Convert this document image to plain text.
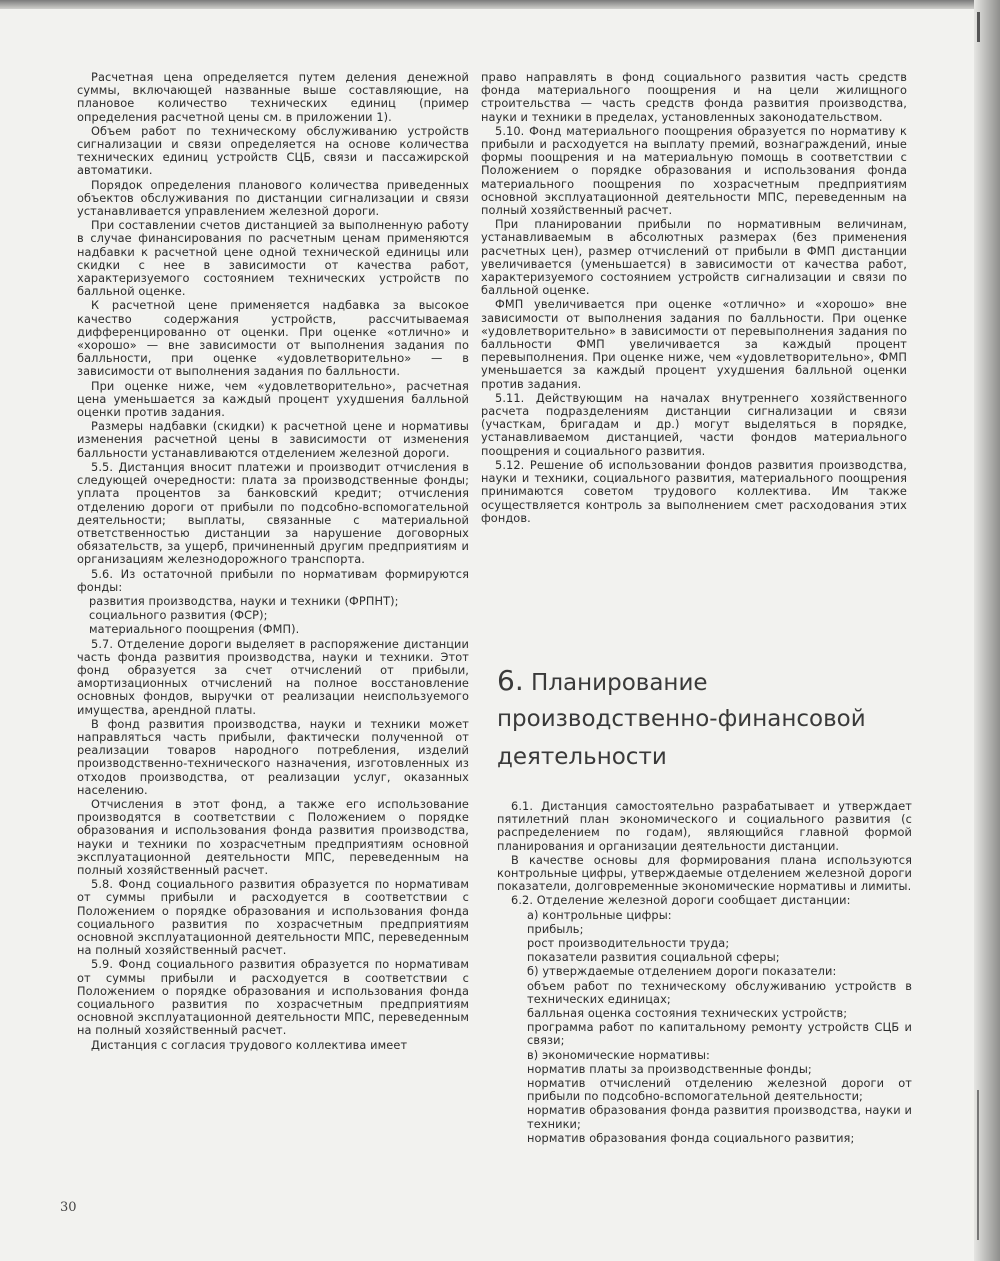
Расчетная цена определяется путем деления денежной суммы, включающей названные выше составляющие, на плановое количество технических единиц (пример определения расчетной цены см. в приложении 1).

Объем работ по техническому обслуживанию устройств сигнализации и связи определяется на основе количества технических единиц устройств СЦБ, связи и пассажирской автоматики.

Порядок определения планового количества приведенных объектов обслуживания по дистанции сигнализации и связи устанавливается управлением железной дороги.

При составлении счетов дистанцией за выполненную работу в случае финансирования по расчетным ценам применяются надбавки к расчетной цене одной технической единицы или скидки с нее в зависимости от качества работ, характеризуемого состоянием технических устройств по балльной оценке.

К расчетной цене применяется надбавка за высокое качество содержания устройств, рассчитываемая дифференцированно от оценки. При оценке «отлично» и «хорошо» — вне зависимости от выполнения задания по балльности, при оценке «удовлетворительно» — в зависимости от выполнения задания по балльности.

При оценке ниже, чем «удовлетворительно», расчетная цена уменьшается за каждый процент ухудшения балльной оценки против задания.

Размеры надбавки (скидки) к расчетной цене и нормативы изменения расчетной цены в зависимости от изменения балльности устанавливаются отделением железной дороги.

5.5. Дистанция вносит платежи и производит отчисления в следующей очередности: плата за производственные фонды; уплата процентов за банковский кредит; отчисления отделению дороги от прибыли по подсобно-вспомогательной деятельности; выплаты, связанные с материальной ответственностью дистанции за нарушение договорных обязательств, за ущерб, причиненный другим предприятиям и организациям железнодорожного транспорта.

5.6. Из остаточной прибыли по нормативам формируются фонды:

развития производства, науки и техники (ФРПНТ);

социального развития (ФСР);

материального поощрения (ФМП).

5.7. Отделение дороги выделяет в распоряжение дистанции часть фонда развития производства, науки и техники. Этот фонд образуется за счет отчислений от прибыли, амортизационных отчислений на полное восстановление основных фондов, выручки от реализации неиспользуемого имущества, арендной платы.

В фонд развития производства, науки и техники может направляться часть прибыли, фактически полученной от реализации товаров народного потребления, изделий производственно-технического назначения, изготовленных из отходов производства, от реализации услуг, оказанных населению.

Отчисления в этот фонд, а также его использование производятся в соответствии с Положением о порядке образования и использования фонда развития производства, науки и техники по хозрасчетным предприятиям основной эксплуатационной деятельности МПС, переведенным на полный хозяйственный расчет.

5.8. Фонд социального развития образуется по нормативам от суммы прибыли и расходуется в соответствии с Положением о порядке образования и использования фонда социального развития по хозрасчетным предприятиям основной эксплуатационной деятельности МПС, переведенным на полный хозяйственный расчет.

5.9. Фонд социального развития образуется по нормативам от суммы прибыли и расходуется в соответствии с Положением о порядке образования и использования фонда социального развития по хозрасчетным предприятиям основной эксплуатационной деятельности МПС, переведенным на полный хозяйственный расчет.

Дистанция с согласия трудового коллектива имеет

право направлять в фонд социального развития часть средств фонда материального поощрения и на цели жилищного строительства — часть средств фонда развития производства, науки и техники в пределах, установленных законодательством.

5.10. Фонд материального поощрения образуется по нормативу к прибыли и расходуется на выплату премий, вознаграждений, иные формы поощрения и на материальную помощь в соответствии с Положением о порядке образования и использования фонда материального поощрения по хозрасчетным предприятиям основной эксплуатационной деятельности МПС, переведенным на полный хозяйственный расчет.

При планировании прибыли по нормативным величинам, устанавливаемым в абсолютных размерах (без применения расчетных цен), размер отчислений от прибыли в ФМП дистанции увеличивается (уменьшается) в зависимости от качества работ, характеризуемого состоянием устройств сигнализации и связи по балльной оценке.

ФМП увеличивается при оценке «отлично» и «хорошо» вне зависимости от выполнения задания по балльности. При оценке «удовлетворительно» в зависимости от перевыполнения задания по балльности ФМП увеличивается за каждый процент перевыполнения. При оценке ниже, чем «удовлетворительно», ФМП уменьшается за каждый процент ухудшения балльной оценки против задания.

5.11. Действующим на началах внутреннего хозяйственного расчета подразделениям дистанции сигнализации и связи (участкам, бригадам и др.) могут выделяться в порядке, устанавливаемом дистанцией, части фондов материального поощрения и социального развития.

5.12. Решение об использовании фондов развития производства, науки и техники, социального развития, материального поощрения принимаются советом трудового коллектива. Им также осуществляется контроль за выполнением смет расходования этих фондов.

6. Планирование
производственно-финансовой
деятельности

6.1. Дистанция самостоятельно разрабатывает и утверждает пятилетний план экономического и социального развития (с распределением по годам), являющийся главной формой планирования и организации деятельности дистанции.

В качестве основы для формирования плана используются контрольные цифры, утверждаемые отделением железной дороги показатели, долговременные экономические нормативы и лимиты.

6.2. Отделение железной дороги сообщает дистанции:

а) контрольные цифры:

прибыль;

рост производительности труда;

показатели развития социальной сферы;

б) утверждаемые отделением дороги показатели:

объем работ по техническому обслуживанию устройств в технических единицах;

балльная оценка состояния технических устройств;

программа работ по капитальному ремонту устройств СЦБ и связи;

в) экономические нормативы:

норматив платы за производственные фонды;

норматив отчислений отделению железной дороги от прибыли по подсобно-вспомогательной деятельности;

норматив образования фонда развития производства, науки и техники;

норматив образования фонда социального развития;

30
